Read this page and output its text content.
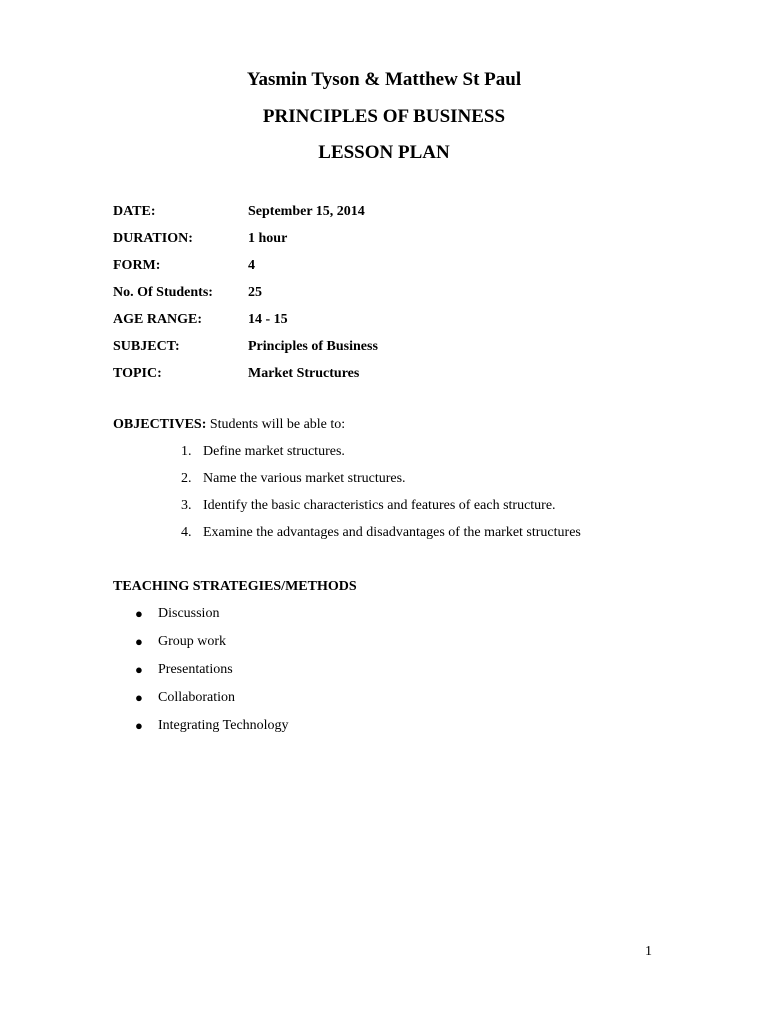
Yasmin Tyson & Matthew St Paul
PRINCIPLES OF BUSINESS
LESSON PLAN
DATE:	September 15, 2014
DURATION:	1 hour
FORM:	4
No. Of Students:	25
AGE RANGE:	14 - 15
SUBJECT:	Principles of Business
TOPIC:	Market Structures
OBJECTIVES: Students will be able to:
1. Define market structures.
2. Name the various market structures.
3. Identify the basic characteristics and features of each structure.
4. Examine the advantages and disadvantages of the market structures
TEACHING STRATEGIES/METHODS
●	Discussion
●	Group work
●	Presentations
●	Collaboration
●	Integrating Technology
1
